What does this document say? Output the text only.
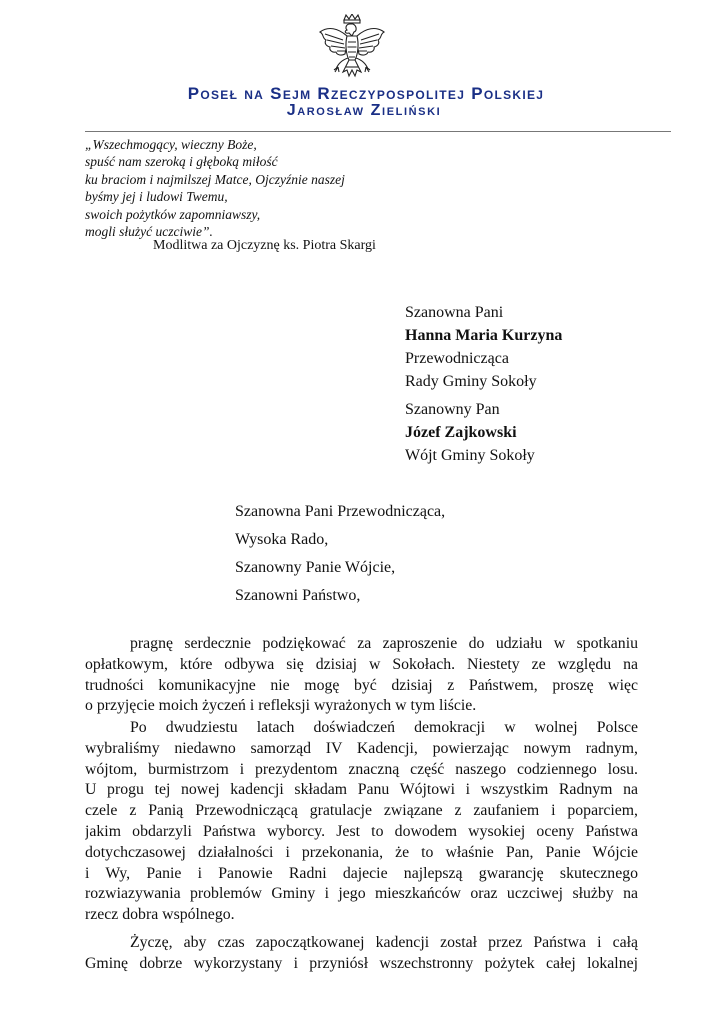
Poseł na Sejm Rzeczypospolitej Polskiej
Jarosław Zieliński
„Wszechmogący, wieczny Boże,
spuść nam szeroką i głęboką miłość
ku braciom i najmilszej Matce, Ojczyźnie naszej
byśmy jej i ludowi Twemu,
swoich pożytków zapomniawszy,
mogli służyć uczciwie”.
Modlitwa za Ojczyznę ks. Piotra Skargi
Szanowna Pani
Hanna Maria Kurzyna
Przewodnicząca
Rady Gminy Sokoły
Szanowny Pan
Józef Zajkowski
Wójt Gminy Sokoły
Szanowna Pani Przewodnicząca,
Wysoka Rado,
Szanowny Panie Wójcie,
Szanowni Państwo,
pragnę serdecznie podziękować za zaproszenie do udziału w spotkaniu
opłatkowym, które odbywa się dzisiaj w Sokołach. Niestety ze względu na
trudności komunikacyjne nie mogę być dzisiaj z Państwem, proszę więc
o przyjęcie moich życzeń i refleksji wyrażonych w tym liście.
Po dwudziestu latach doświadczeń demokracji w wolnej Polsce
wybraliśmy niedawno samorząd IV Kadencji, powierzając nowym radnym,
wójtom, burmistrzom i prezydentom znaczną część naszego codziennego losu.
U progu tej nowej kadencji składam Panu Wójtowi i wszystkim Radnym na
czele z Panią Przewodniczącą gratulacje związane z zaufaniem i poparciem,
jakim obdarzyli Państwa wyborcy. Jest to dowodem wysokiej oceny Państwa
dotychczasowej działalności i przekonania, że to właśnie Pan, Panie Wójcie
i Wy, Panie i Panowie Radni dajecie najlepszą gwarancję skutecznego
rozwiazywania problemów Gminy i jego mieszkańców oraz uczciwej służby na
rzecz dobra wspólnego.
Życzę, aby czas zapoczątkowanej kadencji został przez Państwa i całą
Gminę dobrze wykorzystany i przyniósł wszechstronny pożytek całej lokalnej
